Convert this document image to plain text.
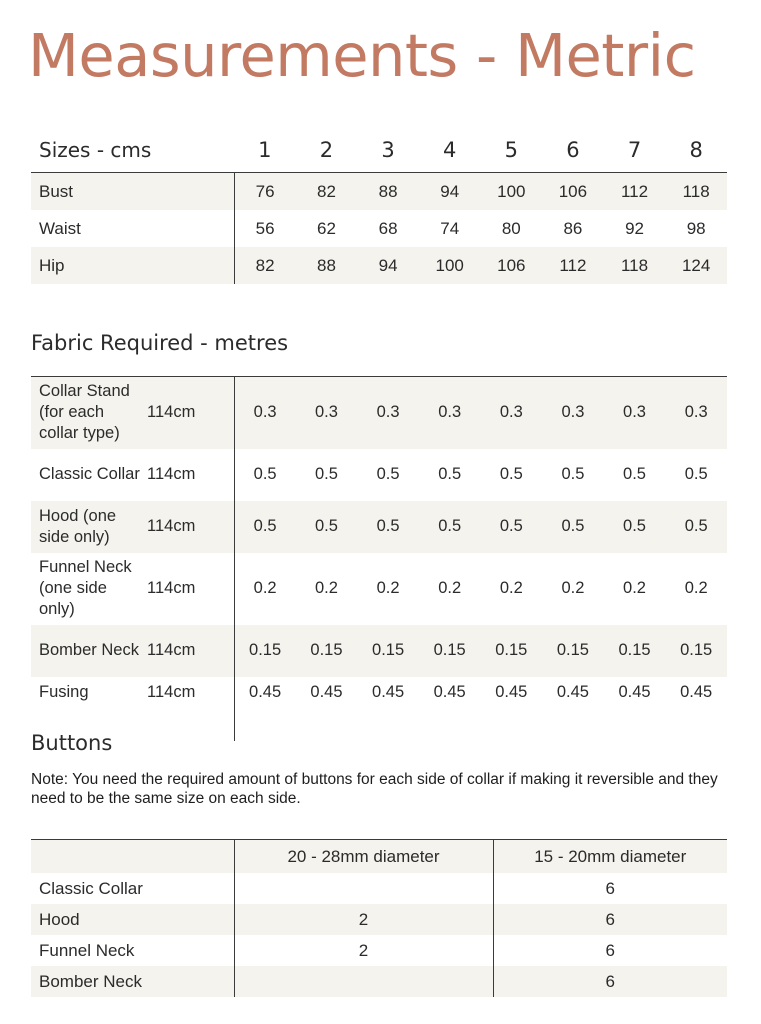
Measurements - Metric
Sizes - cms	1	2	3	4	5	6	7	8
Bust	76	82	88	94	100	106	112	118
Waist	56	62	68	74	80	86	92	98
Hip	82	88	94	100	106	112	118	124
Fabric Required - metres
Collar Stand (for each collar type)	114cm	0.3	0.3	0.3	0.3	0.3	0.3	0.3	0.3
Classic Collar	114cm	0.5	0.5	0.5	0.5	0.5	0.5	0.5	0.5
Hood (one side only)	114cm	0.5	0.5	0.5	0.5	0.5	0.5	0.5	0.5
Funnel Neck (one side only)	114cm	0.2	0.2	0.2	0.2	0.2	0.2	0.2	0.2
Bomber Neck	114cm	0.15	0.15	0.15	0.15	0.15	0.15	0.15	0.15
Fusing	114cm	0.45	0.45	0.45	0.45	0.45	0.45	0.45	0.45

Buttons
Note: You need the required amount of buttons for each side of collar if making it reversible and they need to be the same size on each side.
	20 - 28mm diameter	15 - 20mm diameter
Classic Collar		6
Hood	2	6
Funnel Neck	2	6
Bomber Neck		6
